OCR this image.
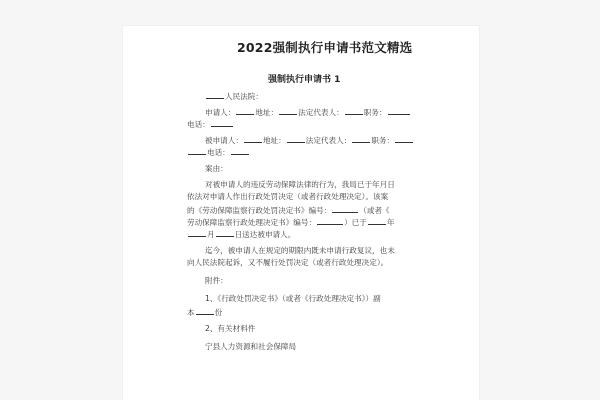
2022强制执行申请书范文精选
强制执行申请书 1
人民法院：
申请人：	地址：	法定代表人：	职务：
电话：
被申请人：	地址：	法定代表人：	职务：
电话：
案由：
对被申请人的违反劳动保障法律的行为，我局已于年月日
依法对申请人作出行政处罚决定（或者行政处理决定）。该案
的《劳动保障监察行政处罚决定书》编号：	（或者《
劳动保障监察行政处理决定书》编号：	）已于	年
月	日送达被申请人。
迄今，被申请人在规定的期限内既未申请行政复议，也未
向人民法院起诉，又不履行处罚决定（或者行政处理决定）。
附件：
1、《行政处罚决定书》（或者《行政处理决定书》）副
本	份
2、有关材料件
宁县人力资源和社会保障局
